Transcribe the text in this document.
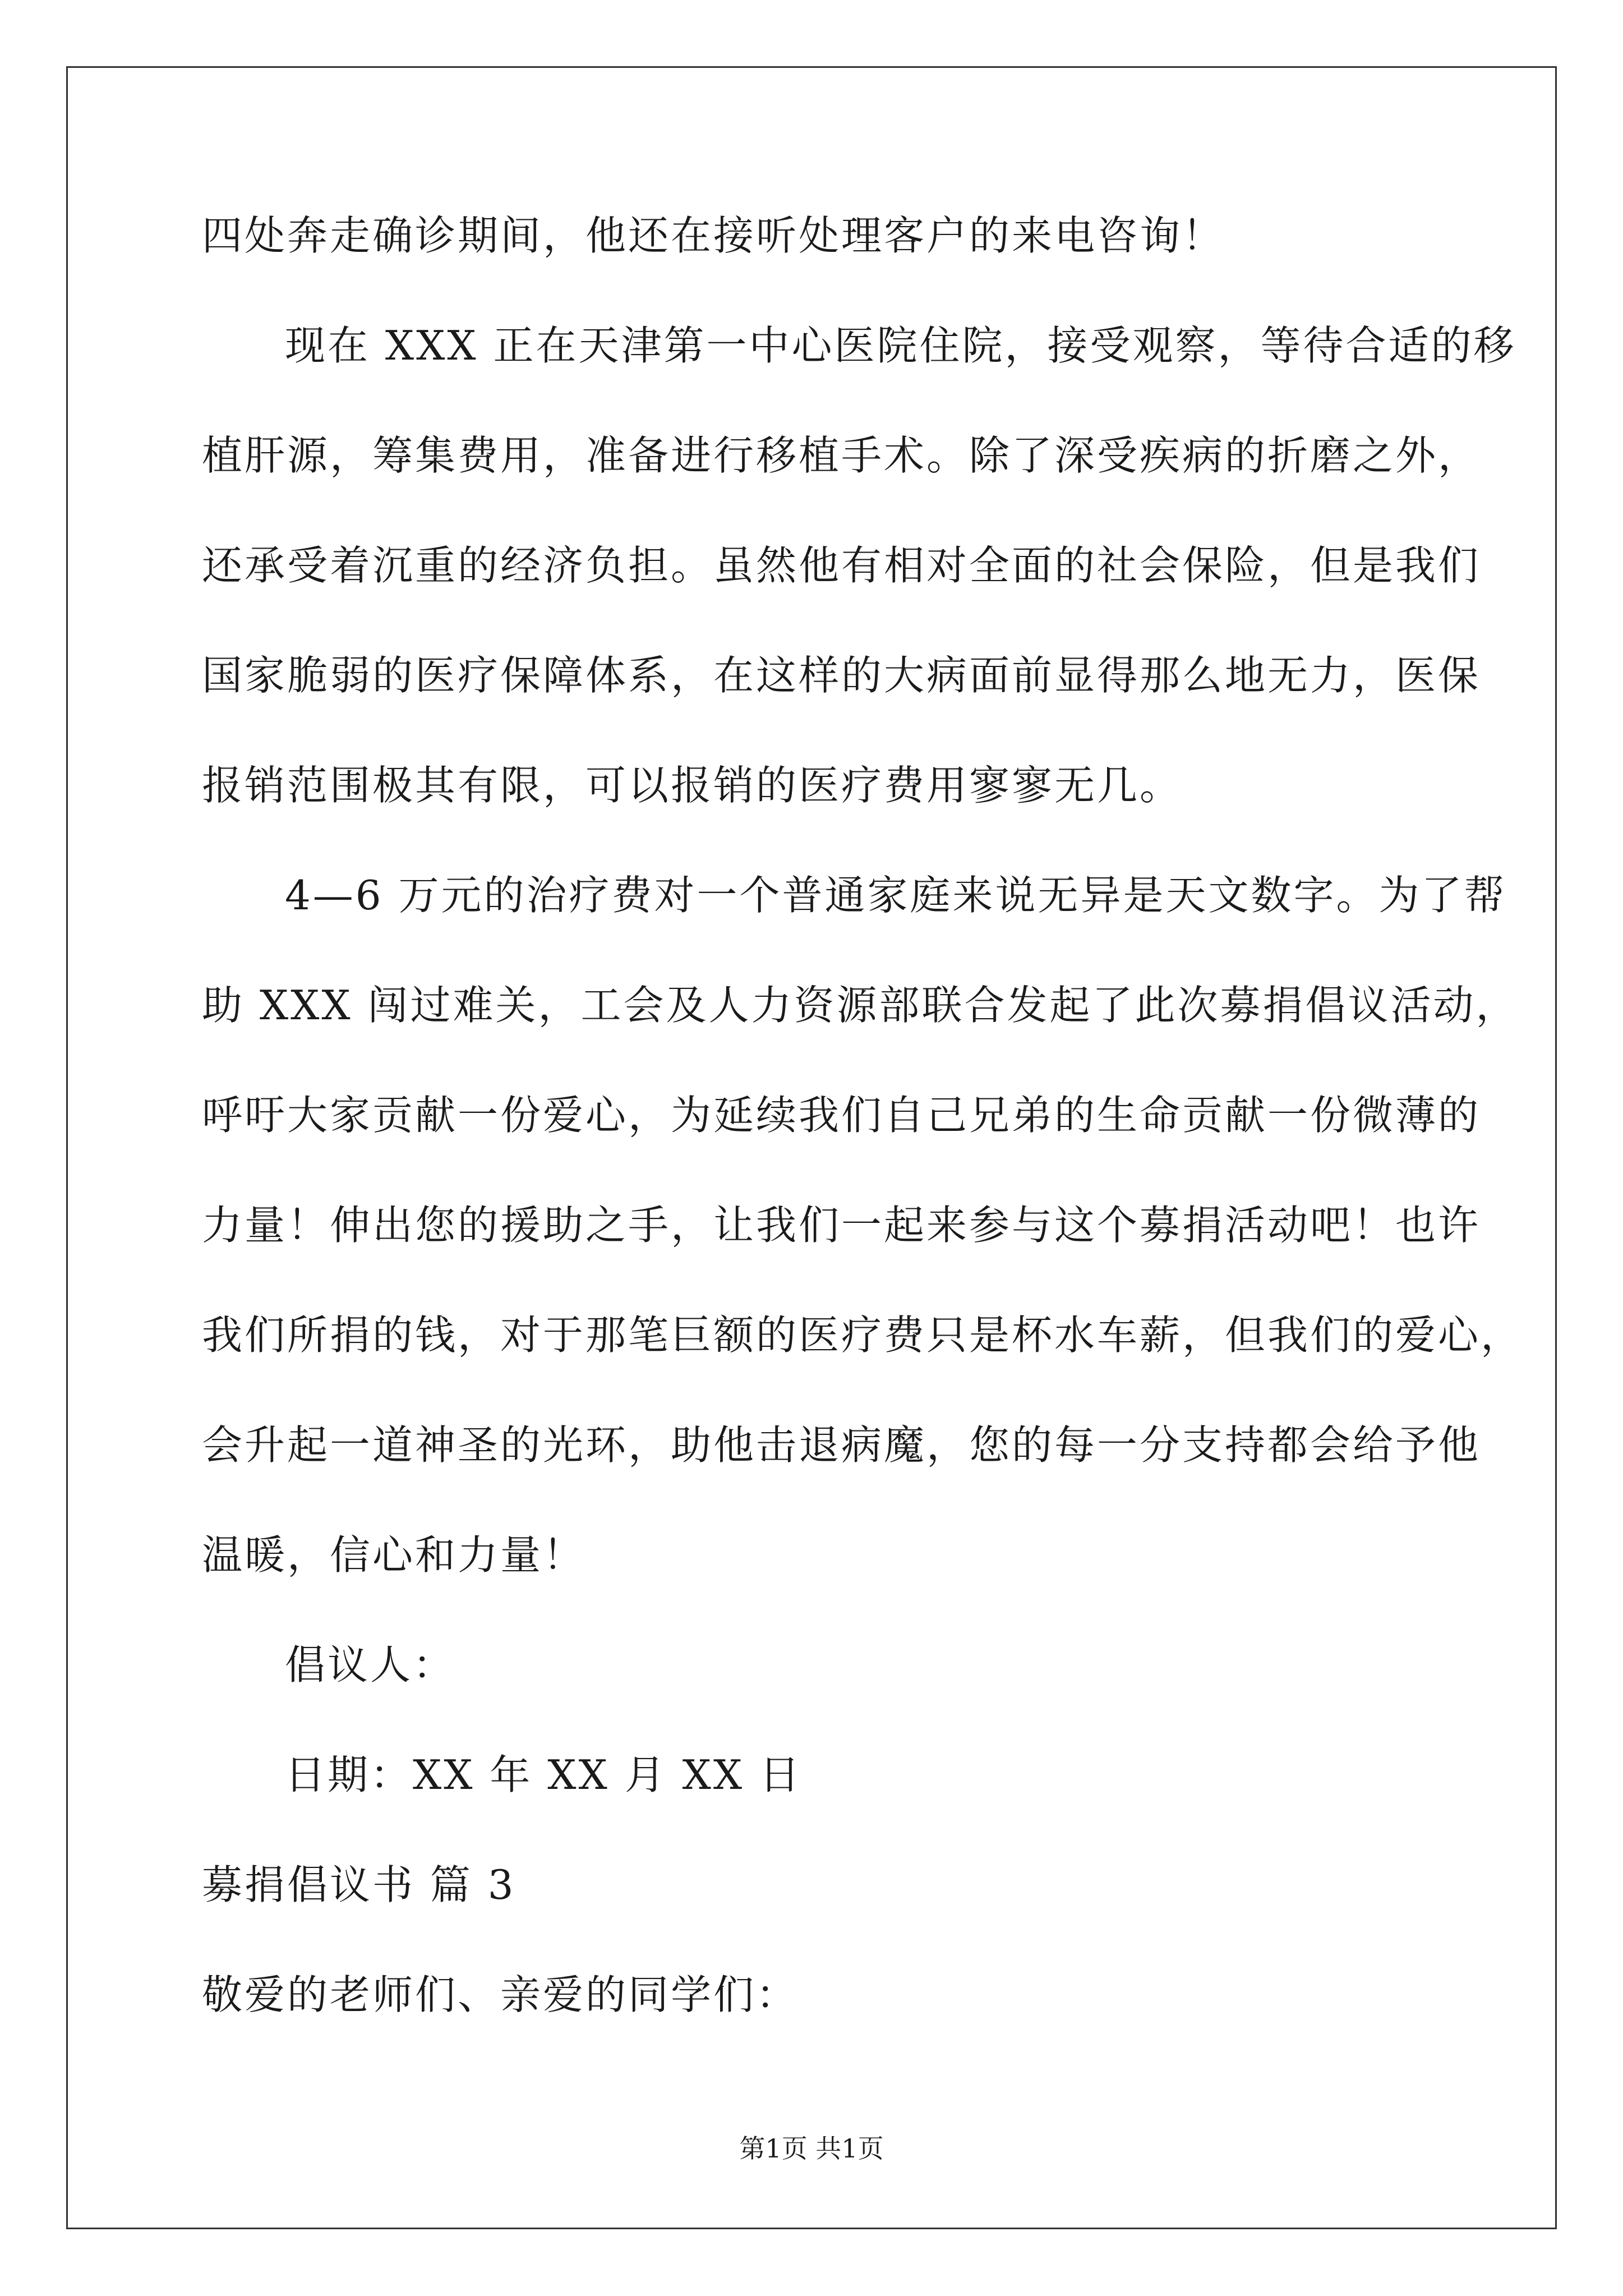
四处奔走确诊期间，他还在接听处理客户的来电咨询！
现在 XXX 正在天津第一中心医院住院，接受观察，等待合适的移
植肝源，筹集费用，准备进行移植手术。除了深受疾病的折磨之外，
还承受着沉重的经济负担。虽然他有相对全面的社会保险，但是我们
国家脆弱的医疗保障体系，在这样的大病面前显得那么地无力，医保
报销范围极其有限，可以报销的医疗费用寥寥无几。
4—6 万元的治疗费对一个普通家庭来说无异是天文数字。为了帮
助 XXX 闯过难关，工会及人力资源部联合发起了此次募捐倡议活动，
呼吁大家贡献一份爱心，为延续我们自己兄弟的生命贡献一份微薄的
力量！伸出您的援助之手，让我们一起来参与这个募捐活动吧！也许
我们所捐的钱，对于那笔巨额的医疗费只是杯水车薪，但我们的爱心，
会升起一道神圣的光环，助他击退病魔，您的每一分支持都会给予他
温暖，信心和力量！
倡议人：
日期：XX 年 XX 月 XX 日
募捐倡议书 篇 3
敬爱的老师们、亲爱的同学们：
第1页 共1页
